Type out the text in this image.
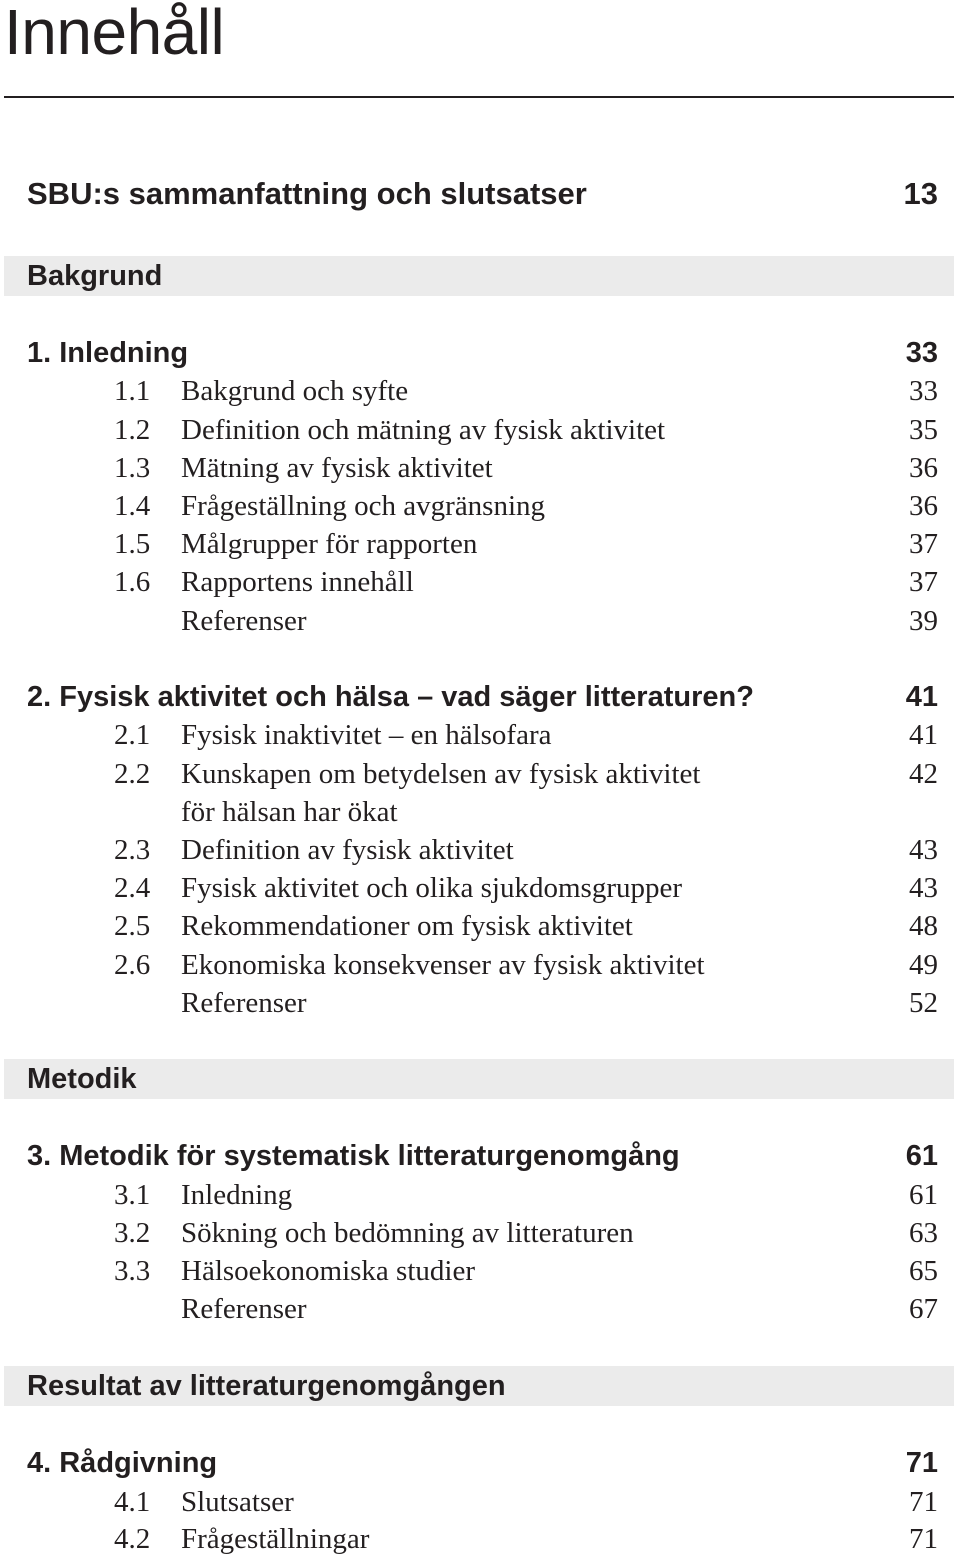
Innehåll
SBU:s sammanfattning och slutsatser	13
Bakgrund
1. Inledning	33
1.1	Bakgrund och syfte	33
1.2	Definition och mätning av fysisk aktivitet	35
1.3	Mätning av fysisk aktivitet	36
1.4	Frågeställning och avgränsning	36
1.5	Målgrupper för rapporten	37
1.6	Rapportens innehåll	37
Referenser	39
2. Fysisk aktivitet och hälsa – vad säger litteraturen?	41
2.1	Fysisk inaktivitet – en hälsofara	41
2.2	Kunskapen om betydelsen av fysisk aktivitet	42
för hälsan har ökat
2.3	Definition av fysisk aktivitet	43
2.4	Fysisk aktivitet och olika sjukdomsgrupper	43
2.5	Rekommendationer om fysisk aktivitet	48
2.6	Ekonomiska konsekvenser av fysisk aktivitet	49
Referenser	52
Metodik
3. Metodik för systematisk litteraturgenomgång	61
3.1	Inledning	61
3.2	Sökning och bedömning av litteraturen	63
3.3	Hälsoekonomiska studier	65
Referenser	67
Resultat av litteraturgenomgången
4. Rådgivning	71
4.1	Slutsatser	71
4.2	Frågeställningar	71
